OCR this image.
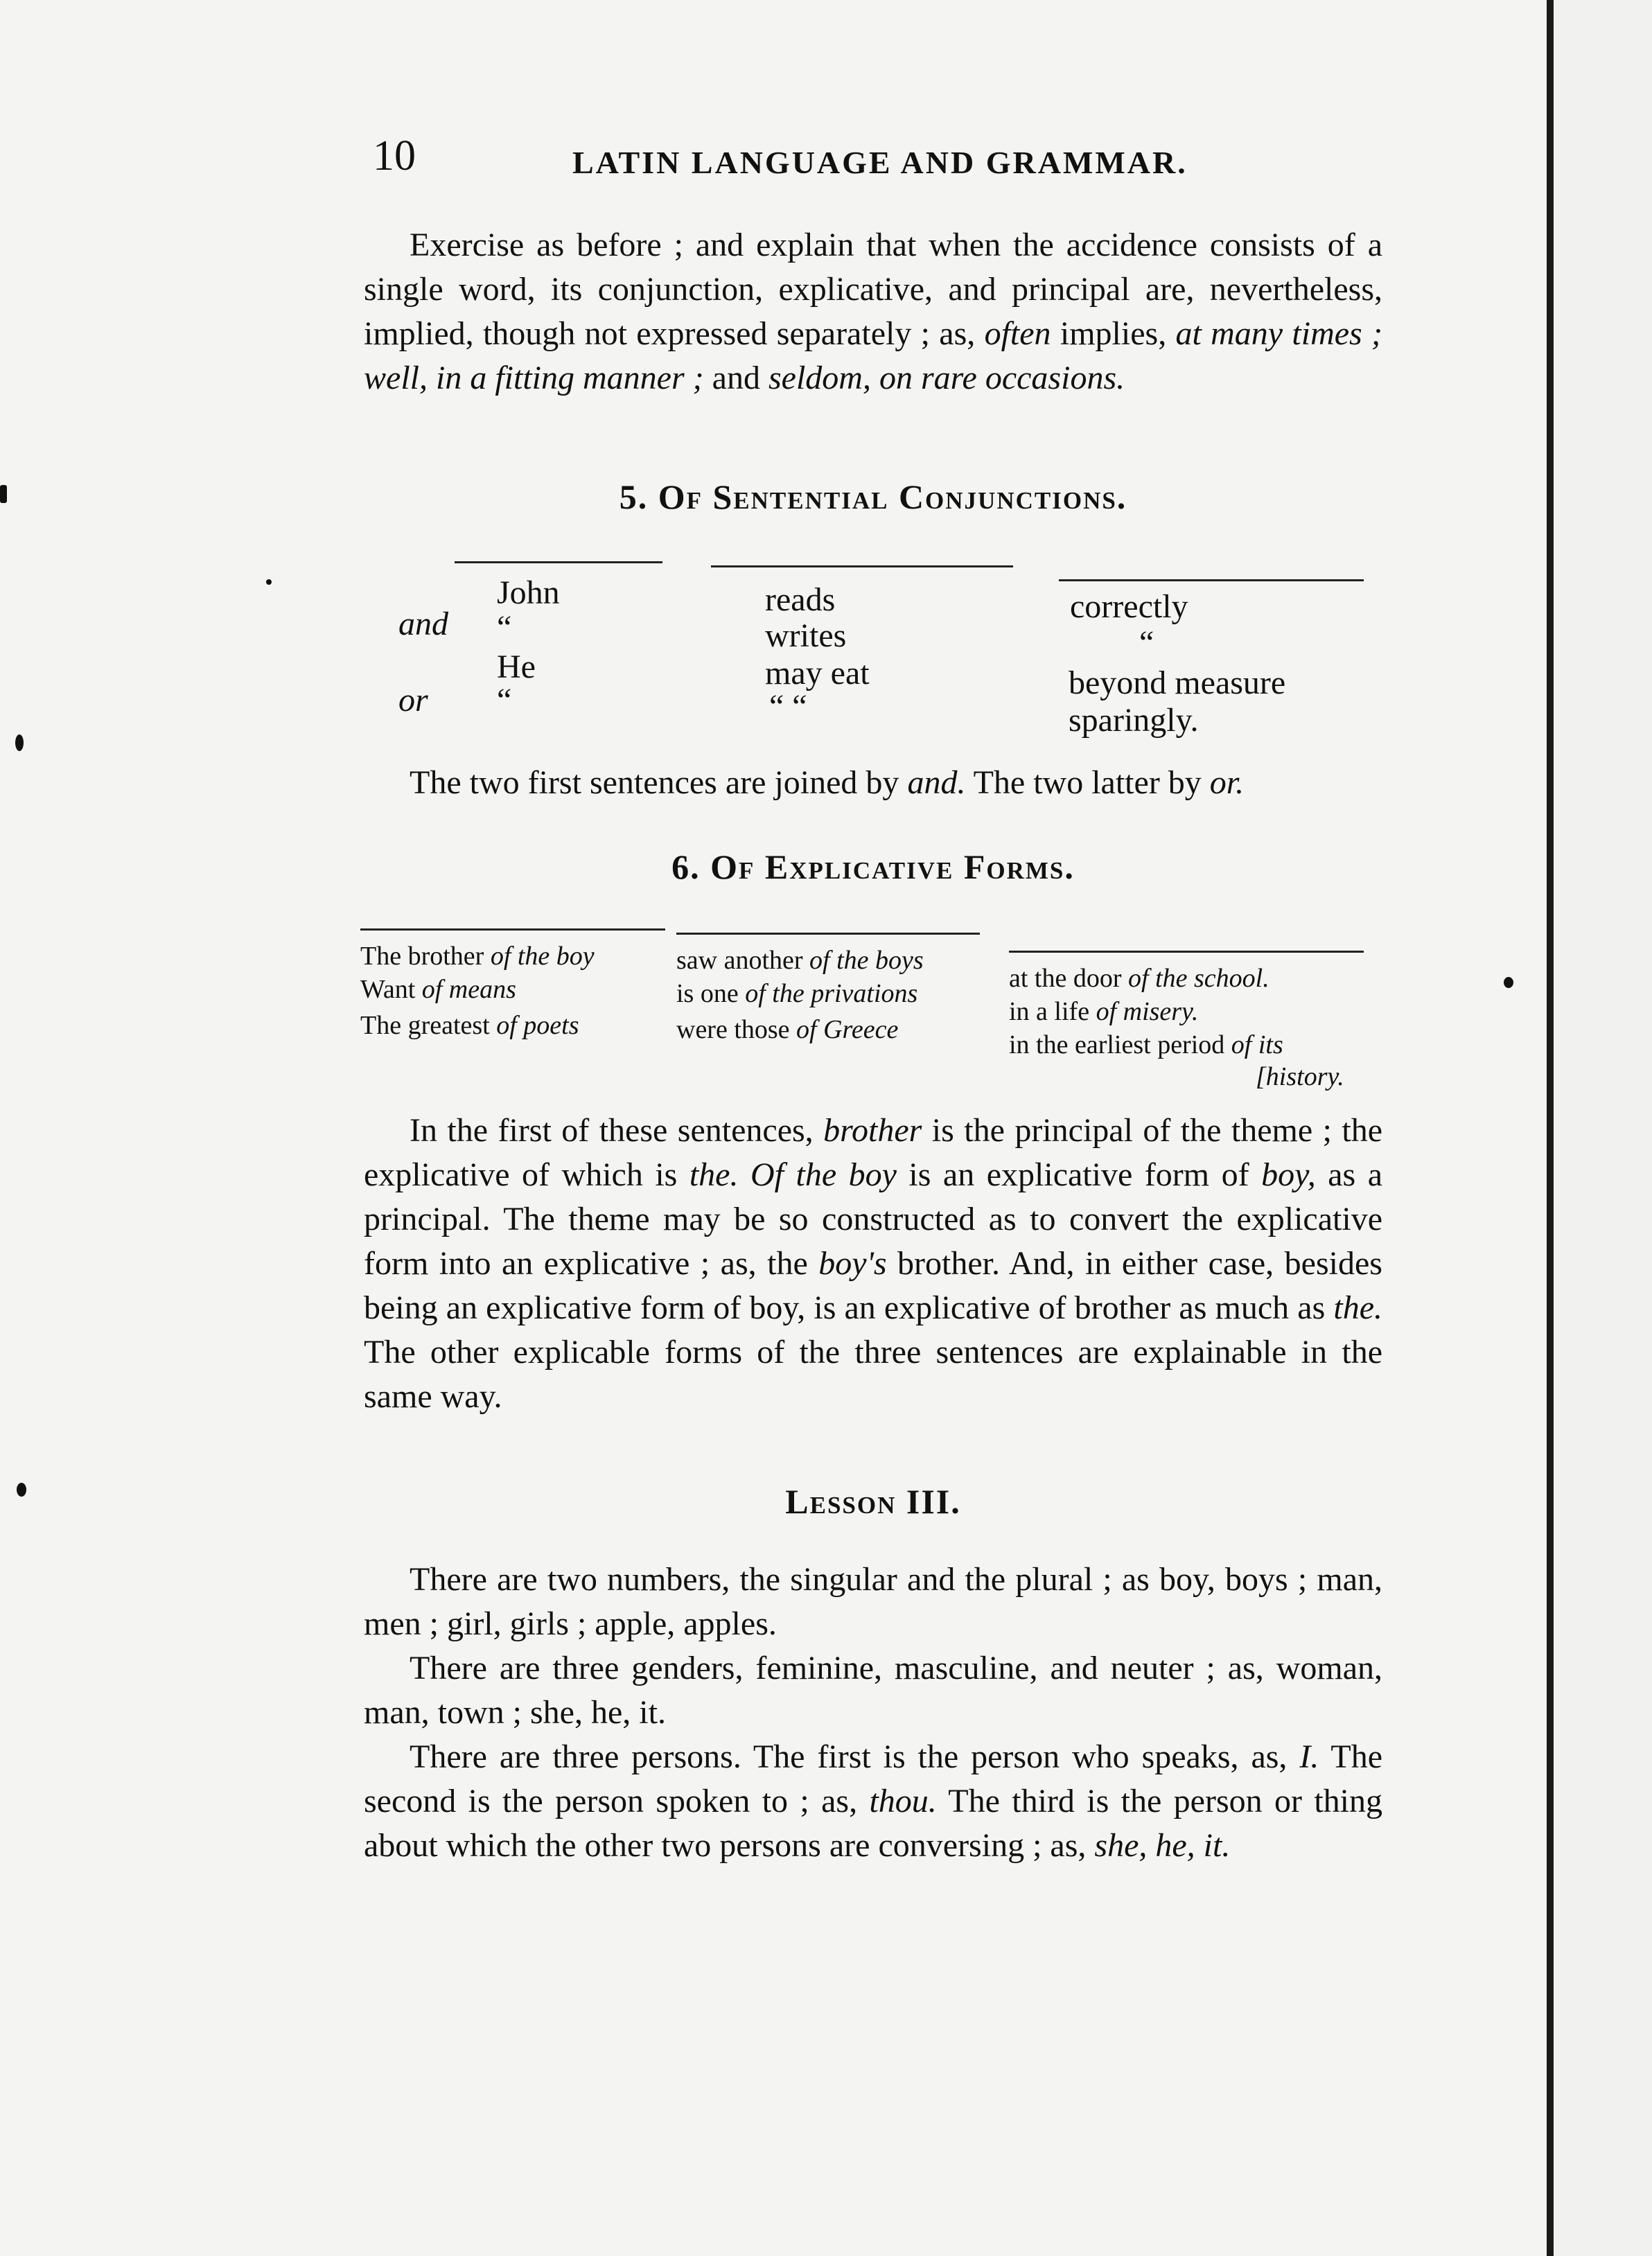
10	LATIN LANGUAGE AND GRAMMAR.

Exercise as before ; and explain that when the accidence consists of a single word, its conjunction, explicative, and principal are, nevertheless, implied, though not expressed separately ; as, often implies, at many times ; well, in a fitting manner ; and seldom, on rare occasions.

5. Of Sentential Conjunctions.
and
or
John
“
He
“
reads
writes
may eat
“ “
correctly
“
beyond measure
sparingly.

The two first sentences are joined by and. The two latter by or.

6. Of Explicative Forms.
The brother of the boy
Want of means
The greatest of poets
saw another of the boys
is one of the privations
were those of Greece
at the door of the school.
in a life of misery.
in the earliest period of its
[history.

In the first of these sentences, brother is the principal of the theme ; the explicative of which is the. Of the boy is an explicative form of boy, as a principal. The theme may be so constructed as to convert the explicative form into an explicative ; as, the boy's brother. And, in either case, besides being an explicative form of boy, is an explicative of brother as much as the. The other explicable forms of the three sentences are explainable in the same way.

Lesson III.

There are two numbers, the singular and the plural ; as boy, boys ; man, men ; girl, girls ; apple, apples.

There are three genders, feminine, masculine, and neuter ; as, woman, man, town ; she, he, it.

There are three persons. The first is the person who speaks, as, I. The second is the person spoken to ; as, thou. The third is the person or thing about which the other two persons are conversing ; as, she, he, it.
